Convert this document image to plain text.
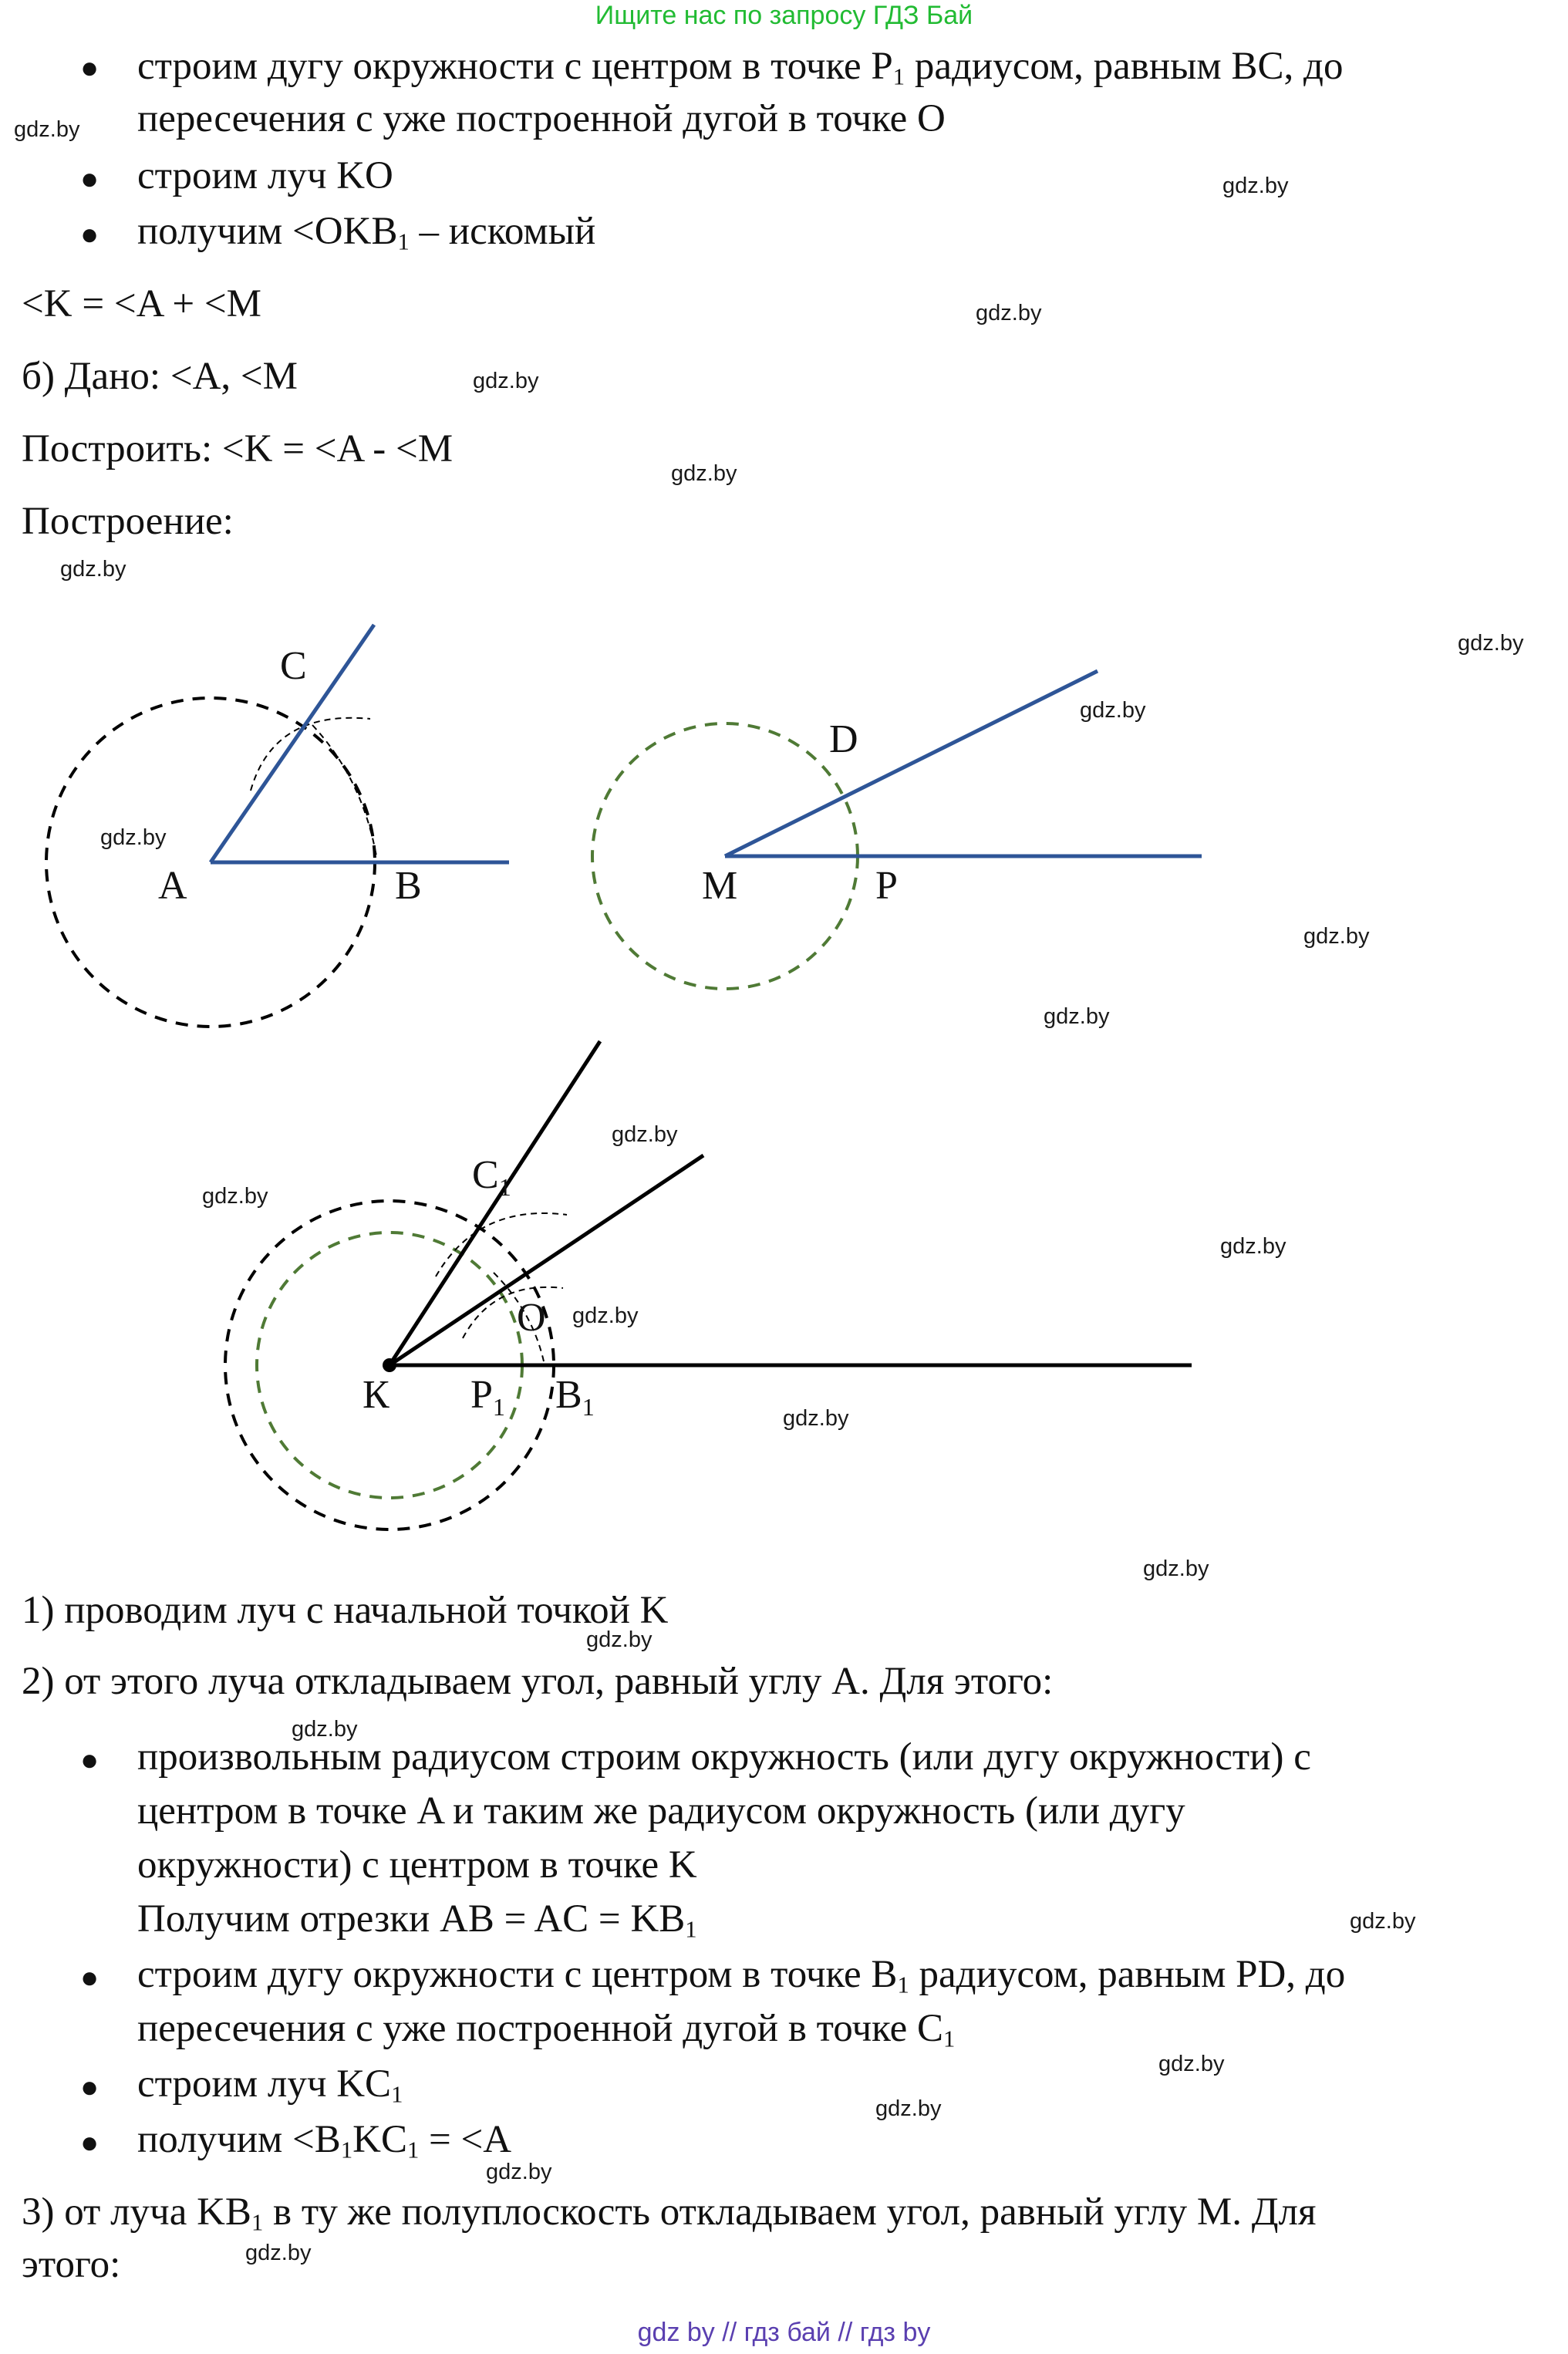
Ищите нас по запросу ГДЗ Бай
● строим дугу окружности с центром в точке $P_1$ радиусом, равным BC, до
пересечения с уже построенной дугой в точке O
● строим луч KO
● получим $<OKB_1$ – искомый
<K = <A + <M
б) Дано: <A, <M
Построить: <K = <A - <M
Построение:
A	B
C
M	P
D
К P1 B1
C1
O
1) проводим луч с начальной точкой K
2) от этого луча откладываем угол, равный углу А. Для этого:
● произвольным радиусом строим окружность (или дугу окружности) с
центром в точке A и таким же радиусом окружность (или дугу
окружности) с центром в точке K
Получим отрезки AB = AC = $KB_1$
● строим дугу окружности с центром в точке $B_1$ радиусом, равным PD, до
пересечения с уже построенной дугой в точке $C_1$
● строим луч $KC_1$
● получим $<B_1KC_1 = <A$
3) от луча $KB_1$ в ту же полуплоскость откладываем угол, равный углу M. Для
этого:
gdz.by
gdz.by
gdz.by
gdz.by
gdz.by
gdz.by
gdz.by
gdz.by
gdz.by
gdz.by
gdz.by
gdz.by
gdz.by
gdz.by
gdz.by
gdz.by
gdz.by
gdz.by
gdz.by
gdz.by
gdz.by
gdz.by
gdz.by
gdz.by
gdz by // гдз бай // гдз by
